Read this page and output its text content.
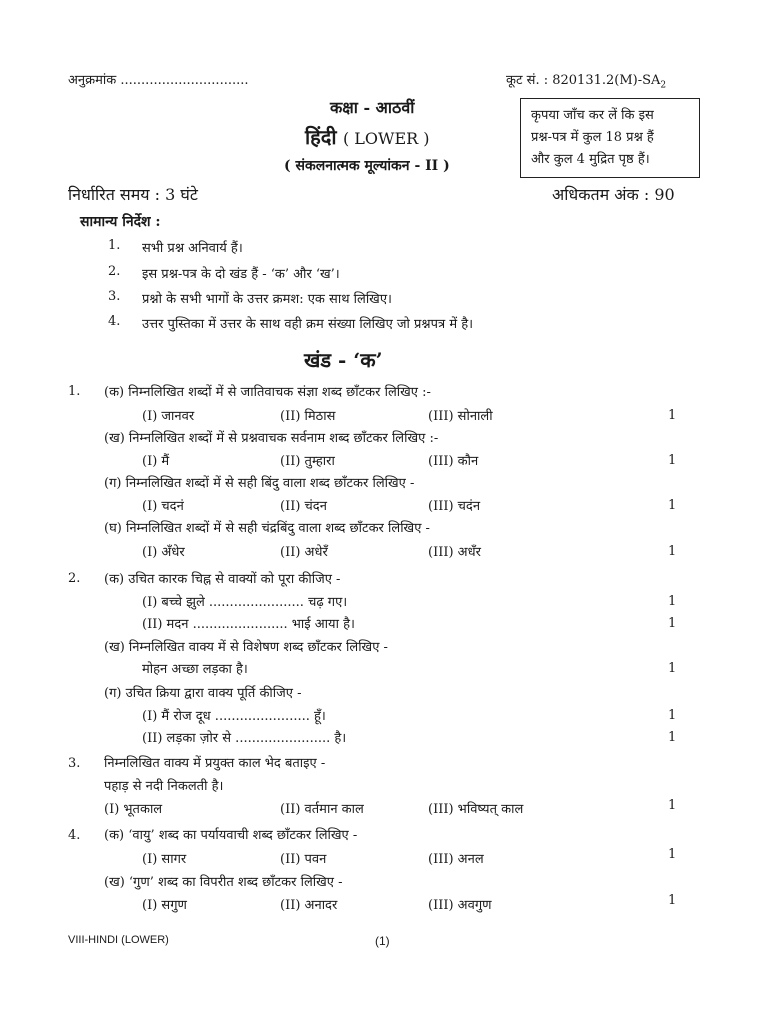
अनुक्रमांक ...............................	कूट सं. : $820131.2(M)-SA_2$
कक्षा - आठवीं
हिंदी ( LOWER )
( संकलनात्मक मूल्यांकन - II )
कृपया जाँच कर लें कि इस
प्रश्न-पत्र में कुल 18 प्रश्न हैं
और कुल 4 मुद्रित पृष्ठ हैं।
निर्धारित समय : 3 घंटे	अधिकतम अंक : 90
सामान्य निर्देश :
1. सभी प्रश्न अनिवार्य हैं।
2. इस प्रश्न-पत्र के दो खंड हैं - ‘क’ और ‘ख’।
3. प्रश्नो के सभी भागों के उत्तर क्रमश: एक साथ लिखिए।
4. उत्तर पुस्तिका में उत्तर के साथ वही क्रम संख्या लिखिए जो प्रश्नपत्र में है।
खंड - ‘क’
1. (क) निम्नलिखित शब्दों में से जातिवाचक संज्ञा शब्द छाँटकर लिखिए :-
(I) जानवर	(II) मिठास	(III) सोनाली	1
(ख) निम्नलिखित शब्दों में से प्रश्नवाचक सर्वनाम शब्द छाँटकर लिखिए :-
(I) मैं	(II) तुम्हारा	(III) कौन	1
(ग) निम्नलिखित शब्दों में से सही बिंदु वाला शब्द छाँटकर लिखिए -
(I) चदनं	(II) चंदन	(III) चदंन	1
(घ) निम्नलिखित शब्दों में से सही चंद्रबिंदु वाला शब्द छाँटकर लिखिए -
(I) अँधेर	(II) अधेरँ	(III) अधँर	1
2. (क) उचित कारक चिह्न से वाक्यों को पूरा कीजिए -
(I) बच्चे झुले ....................... चढ़ गए।	1
(II) मदन ....................... भाई आया है।	1
(ख) निम्नलिखित वाक्य में से विशेषण शब्द छाँटकर लिखिए -
मोहन अच्छा लड़का है।	1
(ग) उचित क्रिया द्वारा वाक्य पूर्ति कीजिए -
(I) मैं रोज दूध ....................... हूँ।	1
(II) लड़का ज़ोर से ....................... है।	1
3. निम्नलिखित वाक्य में प्रयुक्त काल भेद बताइए -
पहाड़ से नदी निकलती है।
(I) भूतकाल	(II) वर्तमान काल	(III) भविष्यत् काल	1
4. (क) ‘वायु’ शब्द का पर्यायवाची शब्द छाँटकर लिखिए -
(I) सागर	(II) पवन	(III) अनल	1
(ख) ‘गुण’ शब्द का विपरीत शब्द छाँटकर लिखिए -
(I) सगुण	(II) अनादर	(III) अवगुण	1
VIII-HINDI (LOWER)	(1)
